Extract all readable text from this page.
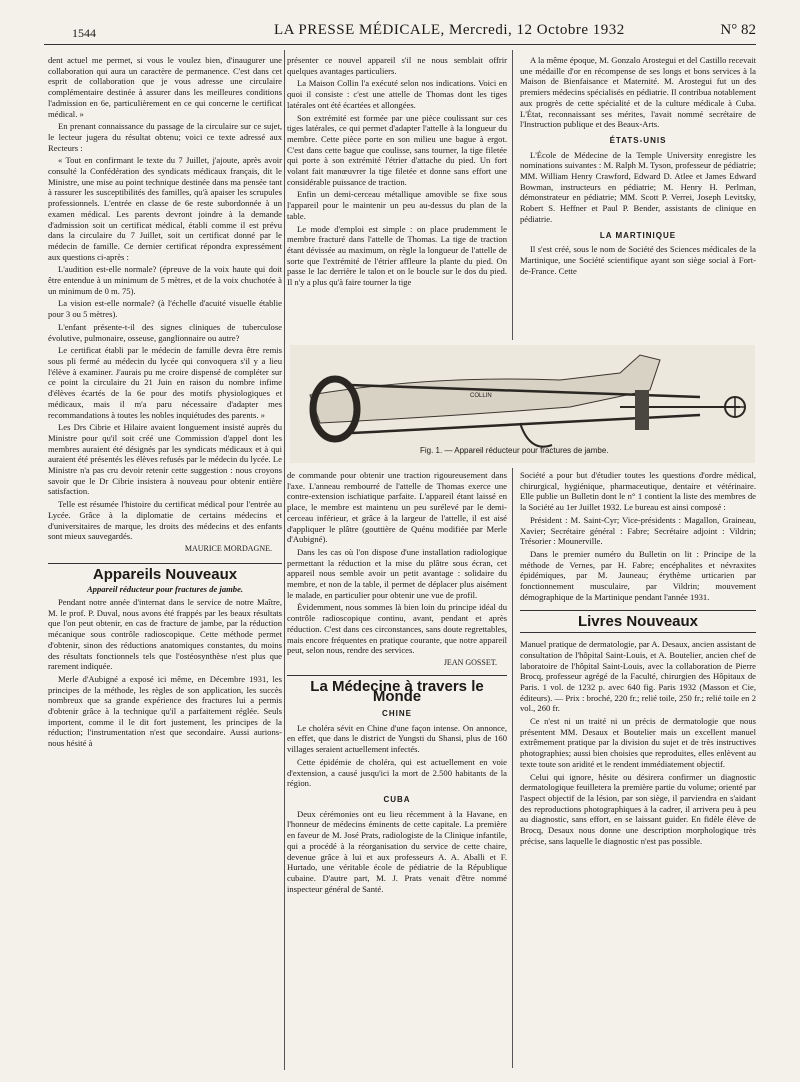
1544	LA PRESSE MÉDICALE, Mercredi, 12 Octobre 1932	N° 82

dent actuel me permet, si vous le voulez bien, d'inaugurer une collaboration qui aura un caractère de permanence. C'est dans cet esprit de collaboration que je vous adresse une circulaire complémentaire destinée à assurer dans les meilleures conditions l'admission en 6e, particulièrement en ce qui concerne le certificat médical. »

En prenant connaissance du passage de la circulaire sur ce sujet, le lecteur jugera du résultat obtenu; voici ce texte adressé aux Recteurs :

« Tout en confirmant le texte du 7 Juillet, j'ajoute, après avoir consulté la Confédération des syndicats médicaux français, dit le Ministre, une mise au point technique destinée dans ma pensée tant à rassurer les susceptibilités des familles, qu'à apaiser les scrupules professionnels. L'entrée en classe de 6e reste subordonnée à un examen médical. Les parents devront joindre à la demande d'admission soit un certificat médical, établi comme il est prévu dans la circulaire du 7 Juillet, soit un certificat donné par le médecin de famille. Ce dernier certificat répondra expressément aux questions ci-après :

L'audition est-elle normale? (épreuve de la voix haute qui doit être entendue à un minimum de 5 mètres, et de la voix chuchotée à un minimum de 0 m. 75).

La vision est-elle normale? (à l'échelle d'acuité visuelle établie pour 3 ou 5 mètres).

L'enfant présente-t-il des signes cliniques de tuberculose évolutive, pulmonaire, osseuse, ganglionnaire ou autre?

Le certificat établi par le médecin de famille devra être remis sous pli fermé au médecin du lycée qui convoquera s'il y a lieu l'élève à examiner. J'aurais pu me croire dispensé de compléter sur ce point la circulaire du 21 Juin en raison du nombre infime d'élèves écartés de la 6e pour des motifs physiologiques et médicaux, mais il m'a paru nécessaire d'adapter mes recommandations à toutes les nobles inquiétudes des parents. »

Les Drs Cibrie et Hilaire avaient longuement insisté auprès du Ministre pour qu'il soit créé une Commission d'appel dont les membres auraient été désignés par les syndicats médicaux et à qui auraient été présentés les élèves refusés par le médecin du lycée. Le Ministre n'a pas cru devoir retenir cette suggestion : nous croyons savoir que le Dr Cibrie insistera à nouveau pour obtenir entière satisfaction.

Telle est résumée l'histoire du certificat médical pour l'entrée au Lycée. Grâce à la diplomatie de certains médecins et d'universitaires de marque, les droits des médecins et des enfants sont mieux sauvegardés.

MAURICE MORDAGNE.
Appareils Nouveaux

Appareil réducteur pour fractures de jambe.

Pendant notre année d'internat dans le service de notre Maître, M. le prof. P. Duval, nous avons été frappés par les beaux résultats que l'on peut obtenir, en cas de fracture de jambe, par la réduction mécanique sous contrôle radioscopique. Cette méthode permet d'obtenir, sinon des réductions anatomiques constantes, du moins des résultats fonctionnels tels que l'ostéosynthèse n'est plus que rarement indiquée.

Merle d'Aubigné a exposé ici même, en Décembre 1931, les principes de la méthode, les règles de son application, les succès nombreux que sa grande expérience des fractures lui a permis d'obtenir grâce à la technique qu'il a parfaitement réglée. Seuls importent, comme il le dit fort justement, les principes de la réduction; l'instrumentation n'est que secondaire. Aussi aurions-nous hésité à

présenter ce nouvel appareil s'il ne nous semblait offrir quelques avantages particuliers.

La Maison Collin l'a exécuté selon nos indications. Voici en quoi il consiste : c'est une attelle de Thomas dont les tiges latérales ont été écartées et allongées.

Son extrémité est formée par une pièce coulissant sur ces tiges latérales, ce qui permet d'adapter l'attelle à la longueur du membre. Cette pièce porte en son milieu une bague à ergot. C'est dans cette bague que coulisse, sans tourner, la tige filetée qui porte à son extrémité l'étrier d'attache du pied. Un fort volant fait manœuvrer la tige filetée et donne sans effort une considérable puissance de traction.

Enfin un demi-cerceau métallique amovible se fixe sous l'appareil pour le maintenir un peu au-dessus du plan de la table.

Le mode d'emploi est simple : on place prudemment le membre fracturé dans l'attelle de Thomas. La tige de traction étant dévissée au maximum, on règle la longueur de l'attelle de sorte que l'extrémité de l'étrier affleure la plante du pied. On passe le lac derrière le talon et on le boucle sur le dos du pied. Il n'y a plus qu'à faire tourner la tige

A la même époque, M. Gonzalo Arostegui et del Castillo recevait une médaille d'or en récompense de ses longs et bons services à la Maison de Bienfaisance et Maternité. M. Arostegui fut un des premiers médecins spécialisés en pédiatrie. Il contribua notablement aux progrès de cette spécialité et de la culture médicale à Cuba. L'État, reconnaissant ses mérites, l'avait nommé secrétaire de l'Instruction publique et des Beaux-Arts.

ÉTATS-UNIS

L'École de Médecine de la Temple University enregistre les nominations suivantes : M. Ralph M. Tyson, professeur de pédiatrie; MM. William Henry Crawford, Edward D. Atlee et James Edward Bowman, instructeurs en pédiatrie; M. Henry H. Perlman, démonstrateur en pédiatrie; MM. Scott P. Verrei, Joseph Levitsky, Robert S. Heffner et Paul P. Bender, assistants de clinique en pédiatrie.

LA MARTINIQUE

Il s'est créé, sous le nom de Société des Sciences médicales de la Martinique, une Société scientifique ayant son siège social à Fort-de-France. Cette

COLLIN
Fig. 1. — Appareil réducteur pour fractures de jambe.

de commande pour obtenir une traction rigoureusement dans l'axe. L'anneau rembourré de l'attelle de Thomas exerce une contre-extension ischiatique parfaite. L'appareil étant laissé en place, le membre est maintenu un peu surélevé par le demi-cerceau inférieur, et grâce à la largeur de l'attelle, il est aisé d'appliquer le plâtre (gouttière de Quénu modifiée par Merle d'Aubigné).

Dans les cas où l'on dispose d'une installation radiologique permettant la réduction et la mise du plâtre sous écran, cet appareil nous semble avoir un petit avantage : solidaire du membre, et non de la table, il permet de déplacer plus aisément le malade, en particulier pour obtenir une vue de profil.

Évidemment, nous sommes là bien loin du principe idéal du contrôle radioscopique continu, avant, pendant et après réduction. C'est dans ces circonstances, sans doute regrettables, mais encore fréquentes en pratique courante, que notre appareil peut, selon nous, rendre des services.

JEAN GOSSET.
La Médecine à travers le Monde
CHINE

Le choléra sévit en Chine d'une façon intense. On annonce, en effet, que dans le district de Yungsti du Shansi, plus de 160 villages seraient actuellement infectés.

Cette épidémie de choléra, qui est actuellement en voie d'extension, a causé jusqu'ici la mort de 2.500 habitants de la région.

CUBA

Deux cérémonies ont eu lieu récemment à la Havane, en l'honneur de médecins éminents de cette capitale. La première en faveur de M. José Prats, radiologiste de la Clinique infantile, qui a procédé à la réorganisation du service de cette chaire, devenue grâce à lui et aux professeurs A. A. Aballi et F. Hurtado, une véritable école de pédiatrie de la République cubaine. D'autre part, M. J. Prats venait d'être nommé inspecteur général de Santé.

Société a pour but d'étudier toutes les questions d'ordre médical, chirurgical, hygiénique, pharmaceutique, dentaire et vétérinaire. Elle publie un Bulletin dont le n° 1 contient la liste des membres de la Société au 1er Juillet 1932. Le bureau est ainsi composé :

Président : M. Saint-Cyr; Vice-présidents : Magallon, Graineau, Xavier; Secrétaire général : Fabre; Secrétaire adjoint : Vildrin; Trésorier : Mounerville.

Dans le premier numéro du Bulletin on lit : Principe de la méthode de Vernes, par H. Fabre; encéphalites et névraxites épidémiques, par M. Jauneau; érythème urticarien par fonctionnement musculaire, par Vildrin; mouvement démographique de la Martinique pendant l'année 1931.

Livres Nouveaux

Manuel pratique de dermatologie, par A. Desaux, ancien assistant de consultation de l'hôpital Saint-Louis, et A. Boutelier, ancien chef de laboratoire de l'hôpital Saint-Louis, avec la collaboration de Pierre Brocq, professeur agrégé de la Faculté, chirurgien des Hôpitaux de Paris. 1 vol. de 1232 p. avec 640 fig. Paris 1932 (Masson et Cie, éditeurs). — Prix : broché, 220 fr.; relié toile, 250 fr.; relié toile en 2 vol., 260 fr.

Ce n'est ni un traité ni un précis de dermatologie que nous présentent MM. Desaux et Boutelier mais un excellent manuel extrêmement pratique par la division du sujet et de très instructives photographies; aussi bien choisies que reproduites, elles enlèvent au texte toute son aridité et le rendent immédiatement objectif.

Celui qui ignore, hésite ou désirera confirmer un diagnostic dermatologique feuilletera la première partie du volume; orienté par l'aspect objectif de la lésion, par son siège, il parviendra en s'aidant des reproductions photographiques à la cadrer, il arrivera peu à peu au diagnostic, sans effort, en se laissant guider. En fidèle élève de Brocq, Desaux nous donne une description morphologique très précise, sans laquelle le diagnostic n'est pas possible.
